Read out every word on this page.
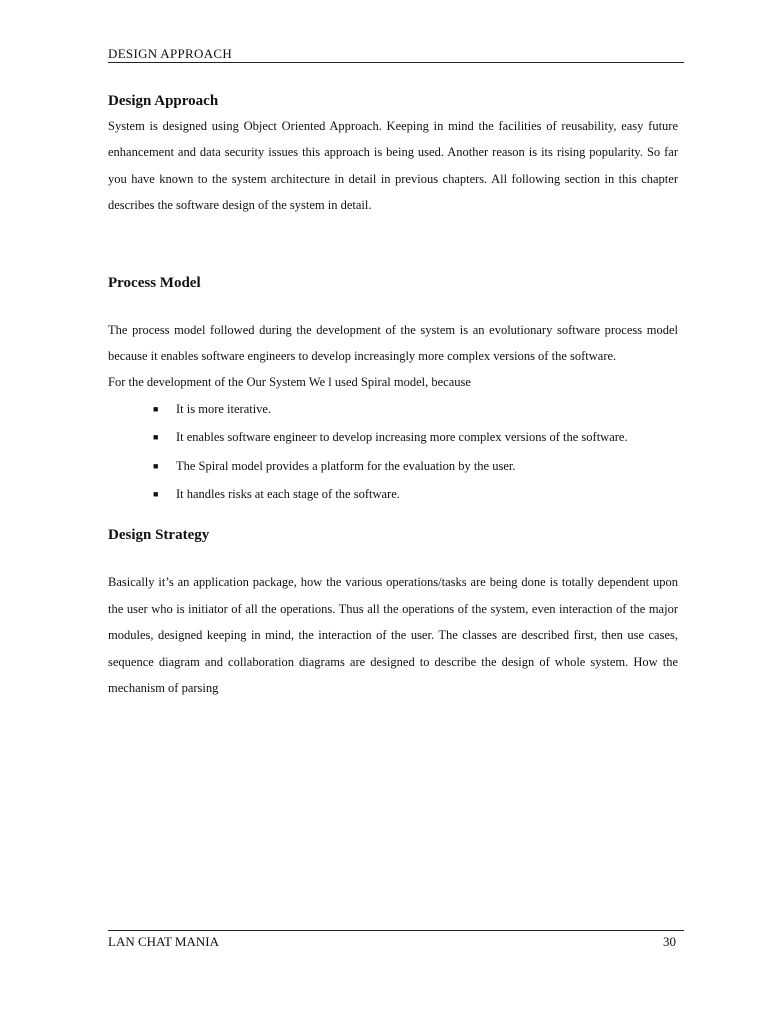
DESIGN APPROACH
Design Approach

System is designed using Object Oriented Approach. Keeping in mind the facilities of reusability, easy future enhancement and data security issues this approach is being used. Another reason is its rising popularity. So far you have known to the system architecture in detail in previous chapters. All following section in this chapter describes the software design of the system in detail.

Process Model

The process model followed during the development of the system is an evolutionary software process model because it enables software engineers to develop increasingly more complex versions of the software.

For the development of the Our System We l used Spiral model, because

■ It is more iterative.
■ It enables software engineer to develop increasing more complex versions of the software.
■ The Spiral model provides a platform for the evaluation by the user.
■ It handles risks at each stage of the software.
Design Strategy

Basically it’s an application package, how the various operations/tasks are being done is totally dependent upon the user who is initiator of all the operations. Thus all the operations of the system, even interaction of the major modules, designed keeping in mind, the interaction of the user. The classes are described first, then use cases, sequence diagram and collaboration diagrams are designed to describe the design of whole system. How the mechanism of parsing

LAN CHAT MANIA	30
